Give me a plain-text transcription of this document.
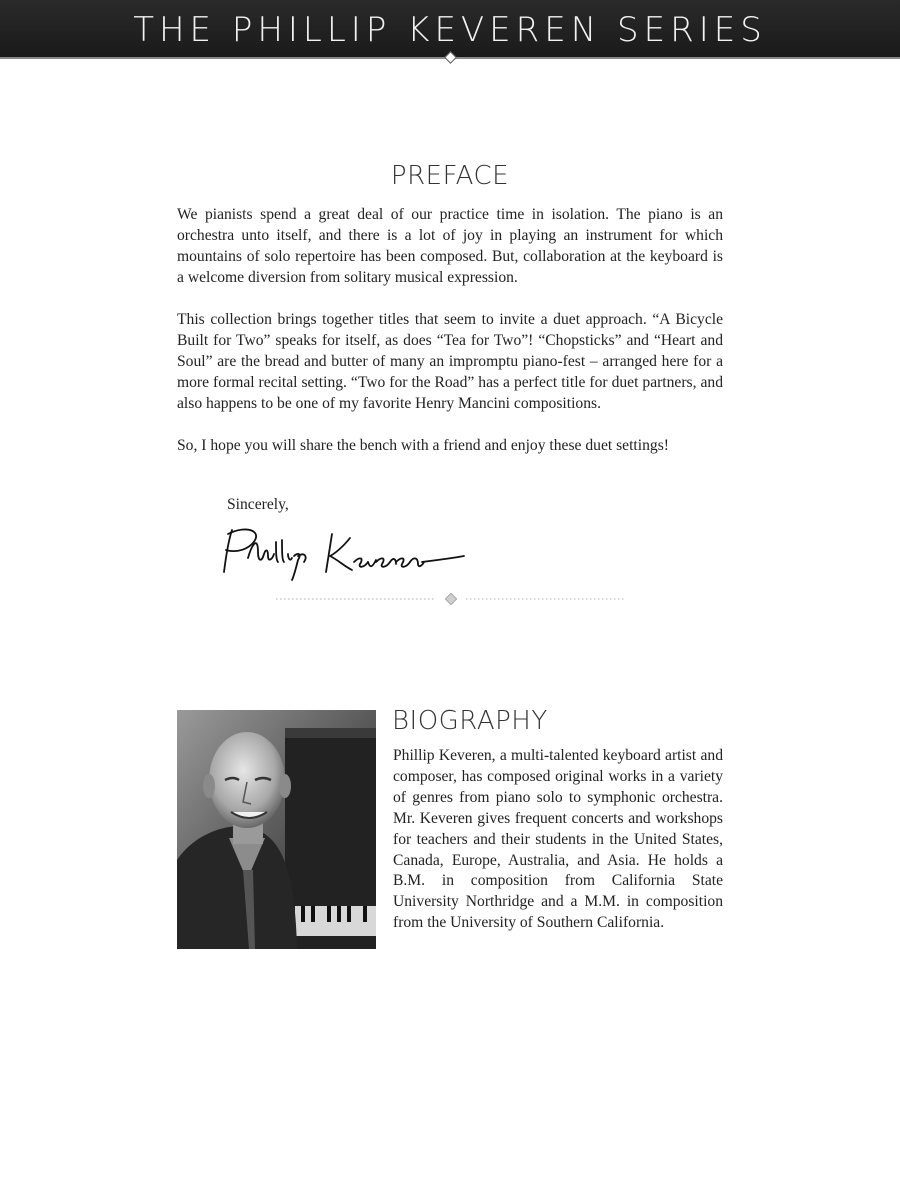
THE PHILLIP KEVEREN SERIES
PREFACE

We pianists spend a great deal of our practice time in isolation. The piano is an orchestra unto itself, and there is a lot of joy in playing an instrument for which mountains of solo repertoire has been composed. But, collaboration at the keyboard is a welcome diversion from solitary musical expression.

This collection brings together titles that seem to invite a duet approach. “A Bicycle Built for Two” speaks for itself, as does “Tea for Two”! “Chopsticks” and “Heart and Soul” are the bread and butter of many an impromptu piano-fest – arranged here for a more formal recital setting. “Two for the Road” has a perfect title for duet partners, and also happens to be one of my favorite Henry Mancini compositions.

So, I hope you will share the bench with a friend and enjoy these duet settings!

Sincerely,
BIOGRAPHY

Phillip Keveren, a multi-talented keyboard artist and composer, has composed original works in a variety of genres from piano solo to symphonic orchestra. Mr. Keveren gives frequent concerts and workshops for teachers and their students in the United States, Canada, Europe, Australia, and Asia. He holds a B.M. in composition from California State University Northridge and a M.M. in composition from the University of Southern California.
